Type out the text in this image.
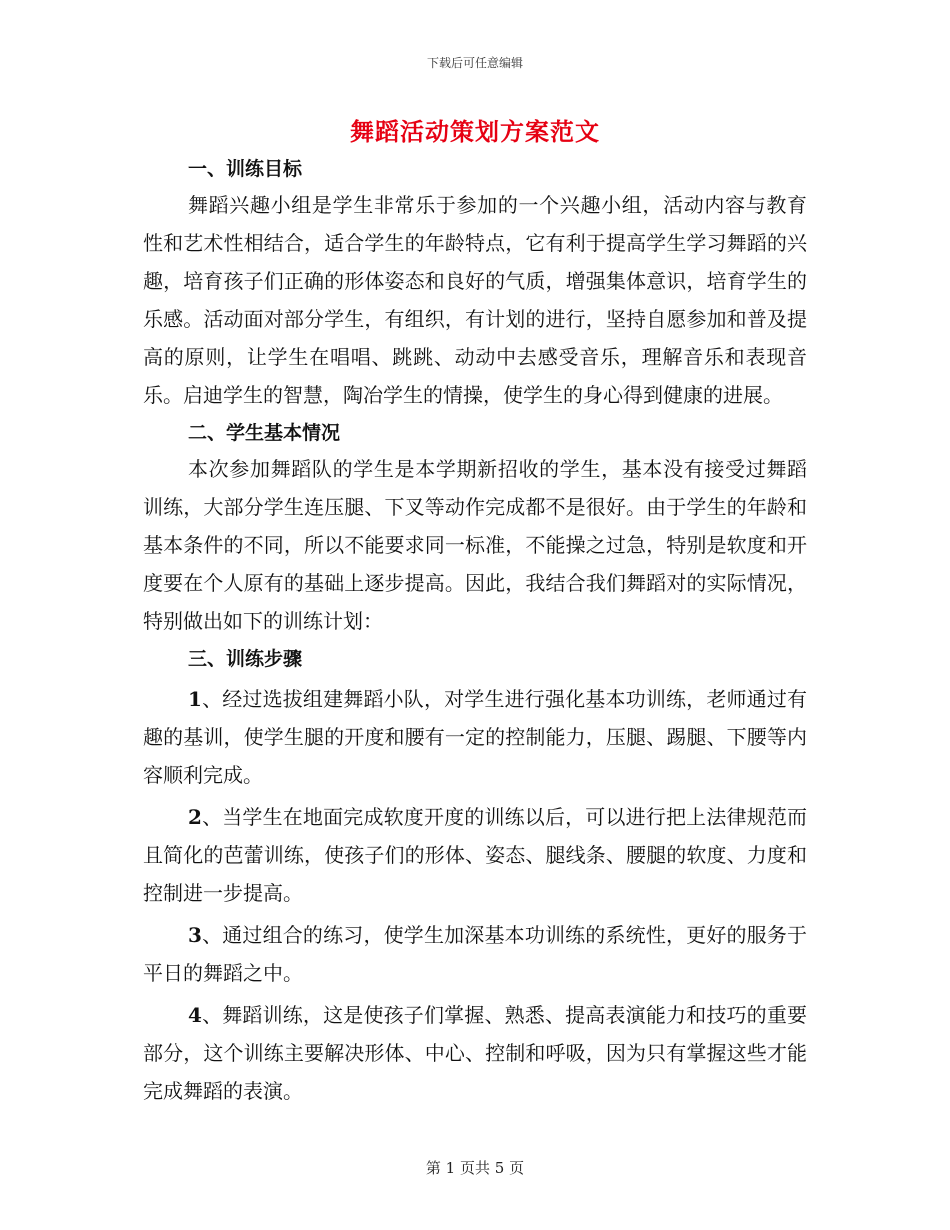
下载后可任意编辑
舞蹈活动策划方案范文
一、训练目标

舞蹈兴趣小组是学生非常乐于参加的一个兴趣小组，活动内容与教育性和艺术性相结合，适合学生的年龄特点，它有利于提高学生学习舞蹈的兴趣，培育孩子们正确的形体姿态和良好的气质，增强集体意识，培育学生的乐感。活动面对部分学生，有组织，有计划的进行，坚持自愿参加和普及提高的原则，让学生在唱唱、跳跳、动动中去感受音乐，理解音乐和表现音乐。启迪学生的智慧，陶冶学生的情操，使学生的身心得到健康的进展。

二、学生基本情况

本次参加舞蹈队的学生是本学期新招收的学生，基本没有接受过舞蹈训练，大部分学生连压腿、下叉等动作完成都不是很好。由于学生的年龄和基本条件的不同，所以不能要求同一标准，不能操之过急，特别是软度和开度要在个人原有的基础上逐步提高。因此，我结合我们舞蹈对的实际情况，特别做出如下的训练计划：

三、训练步骤

1、经过选拔组建舞蹈小队，对学生进行强化基本功训练，老师通过有趣的基训，使学生腿的开度和腰有一定的控制能力，压腿、踢腿、下腰等内容顺利完成。

2、当学生在地面完成软度开度的训练以后，可以进行把上法律规范而且简化的芭蕾训练，使孩子们的形体、姿态、腿线条、腰腿的软度、力度和控制进一步提高。

3、通过组合的练习，使学生加深基本功训练的系统性，更好的服务于平日的舞蹈之中。

4、舞蹈训练，这是使孩子们掌握、熟悉、提高表演能力和技巧的重要部分，这个训练主要解决形体、中心、控制和呼吸，因为只有掌握这些才能完成舞蹈的表演。

第 1 页共 5 页
